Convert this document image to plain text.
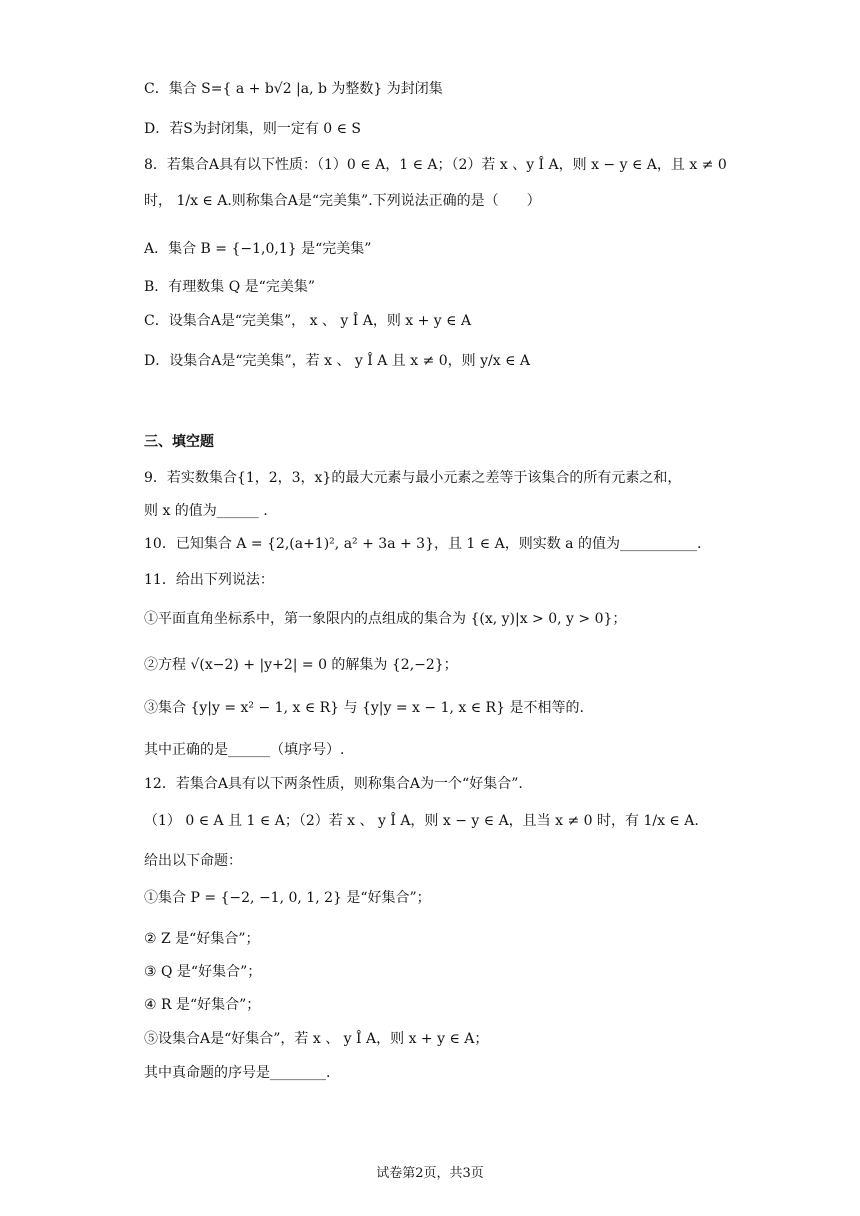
C．集合 S={ a + b√2 |a, b 为整数} 为封闭集
D．若S为封闭集，则一定有 0 ∈ S
8．若集合A具有以下性质：（1）0 ∈ A，1 ∈ A；（2）若 x 、y Î A，则 x − y ∈ A，且 x ≠ 0
时， 1/x ∈ A.则称集合A是“完美集”.下列说法正确的是（　　）
A．集合 B = {−1,0,1} 是“完美集”
B．有理数集 Q 是“完美集”
C．设集合A是“完美集”， x 、 y Î A，则 x + y ∈ A
D．设集合A是“完美集”，若 x 、 y Î A 且 x ≠ 0，则 y/x ∈ A
9．若实数集合{1，2，3，x}的最大元素与最小元素之差等于该集合的所有元素之和，
则 x 的值为______ .
10．已知集合 A = {2,(a+1)², a² + 3a + 3}，且 1 ∈ A，则实数 a 的值为___________.
11．给出下列说法：
①平面直角坐标系中，第一象限内的点组成的集合为 {(x, y)|x > 0, y > 0}；
②方程 √(x−2) + |y+2| = 0 的解集为 {2,−2}；
③集合 {y|y = x² − 1, x ∈ R} 与 {y|y = x − 1, x ∈ R} 是不相等的.
其中正确的是______（填序号）.
12．若集合A具有以下两条性质，则称集合A为一个“好集合”.
（1） 0 ∈ A 且 1 ∈ A；（2）若 x 、 y Î A，则 x − y ∈ A，且当 x ≠ 0 时，有 1/x ∈ A.
给出以下命题：
①集合 P = {−2, −1, 0, 1, 2} 是“好集合”；
② Z 是“好集合”；
③ Q 是“好集合”；
④ R 是“好集合”；
⑤设集合A是“好集合”，若 x 、 y Î A，则 x + y ∈ A；
其中真命题的序号是________.
三、填空题
试卷第2页，共3页
